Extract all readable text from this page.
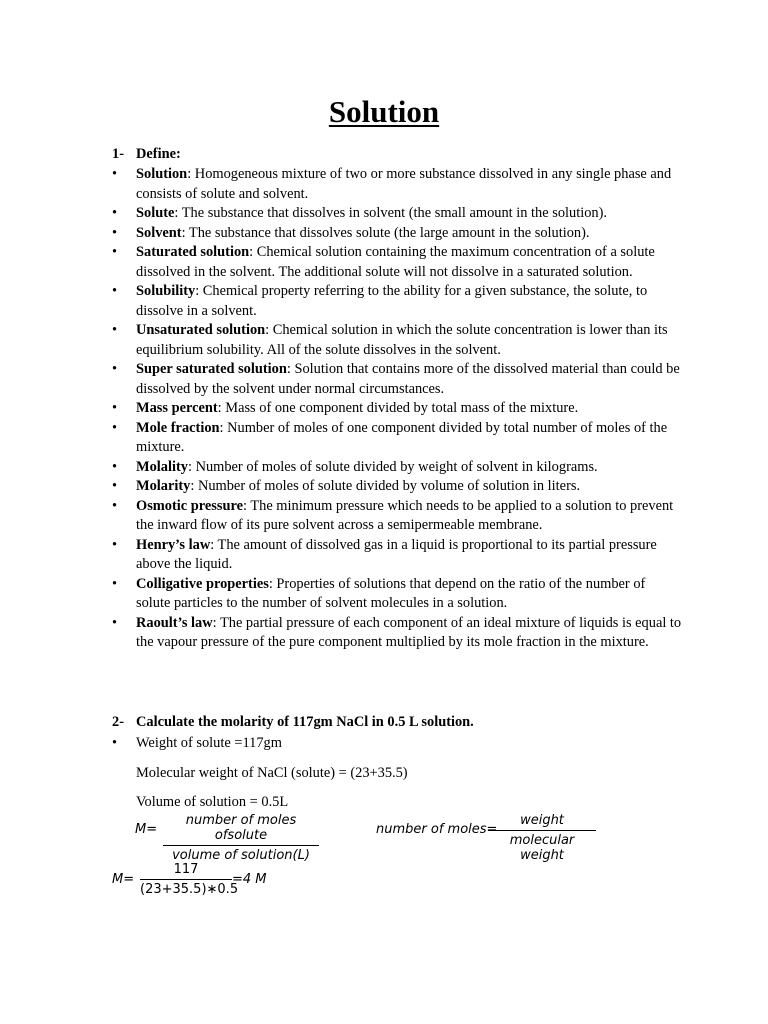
Solution
1- Define:
• Solution: Homogeneous mixture of two or more substance dissolved in any single phase and consists of solute and solvent.
• Solute: The substance that dissolves in solvent (the small amount in the solution).
• Solvent: The substance that dissolves solute (the large amount in the solution).
• Saturated solution: Chemical solution containing the maximum concentration of a solute dissolved in the solvent. The additional solute will not dissolve in a saturated solution.
• Solubility: Chemical property referring to the ability for a given substance, the solute, to dissolve in a solvent.
• Unsaturated solution: Chemical solution in which the solute concentration is lower than its equilibrium solubility. All of the solute dissolves in the solvent.
• Super saturated solution: Solution that contains more of the dissolved material than could be dissolved by the solvent under normal circumstances.
• Mass percent: Mass of one component divided by total mass of the mixture.
• Mole fraction: Number of moles of one component divided by total number of moles of the mixture.
• Molality: Number of moles of solute divided by weight of solvent in kilograms.
• Molarity: Number of moles of solute divided by volume of solution in liters.
• Osmotic pressure: The minimum pressure which needs to be applied to a solution to prevent the inward flow of its pure solvent across a semipermeable membrane.
• Henry’s law: The amount of dissolved gas in a liquid is proportional to its partial pressure above the liquid.
• Colligative properties: Properties of solutions that depend on the ratio of the number of solute particles to the number of solvent molecules in a solution.
• Raoult’s law: The partial pressure of each component of an ideal mixture of liquids is equal to the vapour pressure of the pure component multiplied by its mole fraction in the mixture.
2- Calculate the molarity of 117gm NaCl in 0.5 L solution.
• Weight of solute =117gm
Molecular weight of NaCl (solute) = (23+35.5)
Volume of solution = 0.5L
M=
number of moles ofsolute
volume of solution(L)
number of moles=
weight
molecular weight
$M= \frac{117}{(23+35.5)∗0.5} =4$ M
